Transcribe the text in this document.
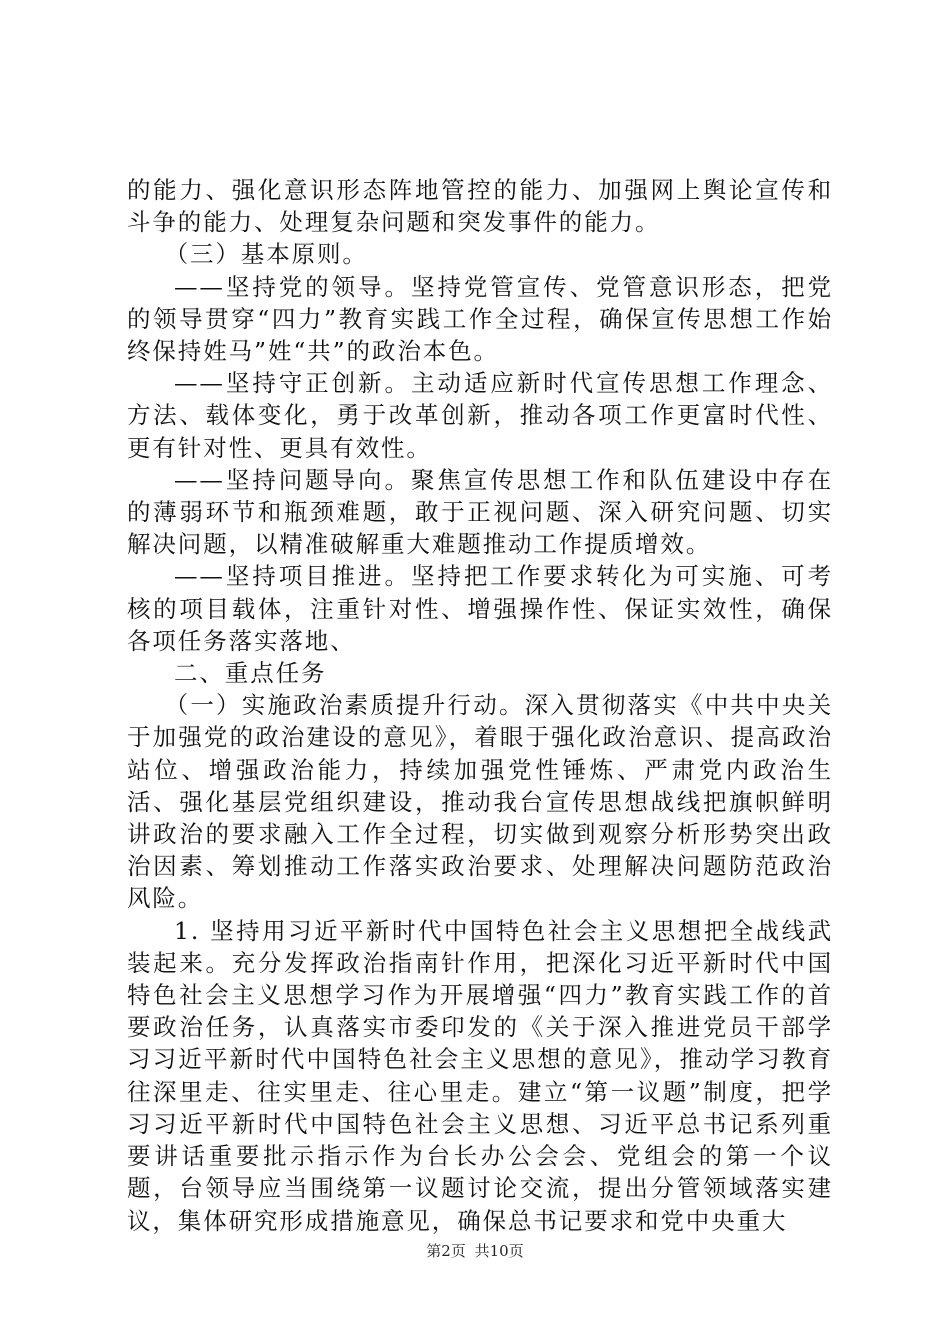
的能力、强化意识形态阵地管控的能力、加强网上舆论宣传和斗争的能力、处理复杂问题和突发事件的能力。

（三）基本原则。

——坚持党的领导。坚持党管宣传、党管意识形态，把党的领导贯穿“四力”教育实践工作全过程，确保宣传思想工作始终保持姓马”姓“共”的政治本色。

——坚持守正创新。主动适应新时代宣传思想工作理念、方法、载体变化，勇于改革创新，推动各项工作更富时代性、更有针对性、更具有效性。

——坚持问题导向。聚焦宣传思想工作和队伍建设中存在的薄弱环节和瓶颈难题，敢于正视问题、深入研究问题、切实解决问题，以精准破解重大难题推动工作提质增效。

——坚持项目推进。坚持把工作要求转化为可实施、可考核的项目载体，注重针对性、增强操作性、保证实效性，确保各项任务落实落地、

二、重点任务

（一）实施政治素质提升行动。深入贯彻落实《中共中央关于加强党的政治建设的意见》，着眼于强化政治意识、提高政治站位、增强政治能力，持续加强党性锤炼、严肃党内政治生活、强化基层党组织建设，推动我台宣传思想战线把旗帜鲜明讲政治的要求融入工作全过程，切实做到观察分析形势突出政治因素、筹划推动工作落实政治要求、处理解决问题防范政治风险。

1. 坚持用习近平新时代中国特色社会主义思想把全战线武装起来。充分发挥政治指南针作用，把深化习近平新时代中国特色社会主义思想学习作为开展增强“四力”教育实践工作的首要政治任务，认真落实市委印发的《关于深入推进党员干部学习习近平新时代中国特色社会主义思想的意见》，推动学习教育往深里走、往实里走、往心里走。建立“第一议题”制度，把学习习近平新时代中国特色社会主义思想、习近平总书记系列重要讲话重要批示指示作为台长办公会会、党组会的第一个议题，台领导应当围绕第一议题讨论交流，提出分管领域落实建议，集体研究形成措施意见，确保总书记要求和党中央重大

第2页 共10页
